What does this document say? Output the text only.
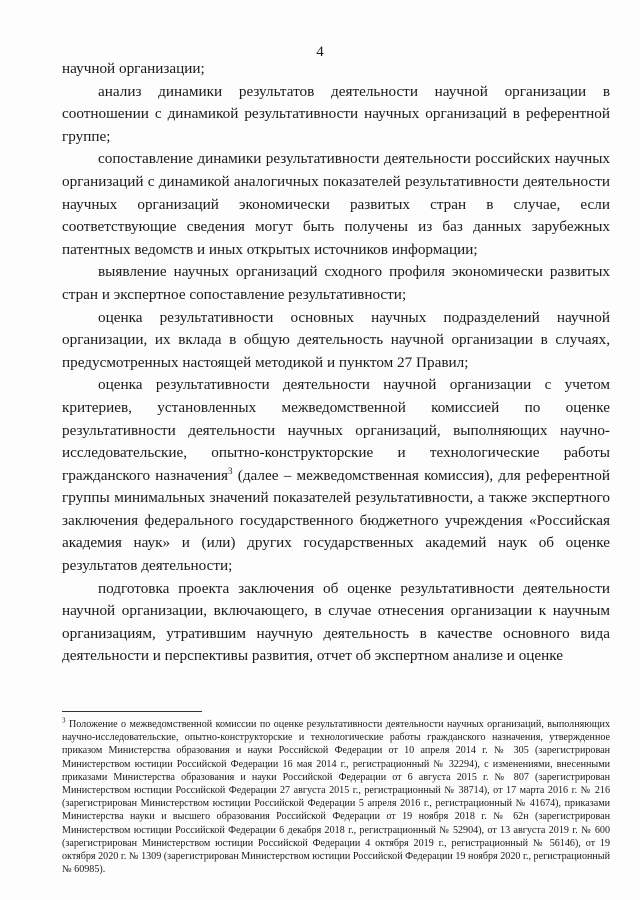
4

научной организации;

анализ динамики результатов деятельности научной организации в соотношении с динамикой результативности научных организаций в референтной группе;

сопоставление динамики результативности деятельности российских научных организаций с динамикой аналогичных показателей результативности деятельности научных организаций экономически развитых стран в случае, если соответствующие сведения могут быть получены из баз данных зарубежных патентных ведомств и иных открытых источников информации;

выявление научных организаций сходного профиля экономически развитых стран и экспертное сопоставление результативности;

оценка результативности основных научных подразделений научной организации, их вклада в общую деятельность научной организации в случаях, предусмотренных настоящей методикой и пунктом 27 Правил;

оценка результативности деятельности научной организации с учетом критериев, установленных межведомственной комиссией по оценке результативности деятельности научных организаций, выполняющих научно-исследовательские, опытно-конструкторские и технологические работы гражданского назначения$^3$ (далее – межведомственная комиссия), для референтной группы минимальных значений показателей результативности, а также экспертного заключения федерального государственного бюджетного учреждения «Российская академия наук» и (или) других государственных академий наук об оценке результатов деятельности;

подготовка проекта заключения об оценке результативности деятельности научной организации, включающего, в случае отнесения организации к научным организациям, утратившим научную деятельность в качестве основного вида деятельности и перспективы развития, отчет об экспертном анализе и оценке

$^3$ Положение о межведомственной комиссии по оценке результативности деятельности научных организаций, выполняющих научно-исследовательские, опытно-конструкторские и технологические работы гражданского назначения, утвержденное приказом Министерства образования и науки Российской Федерации от 10 апреля 2014 г. № 305 (зарегистрирован Министерством юстиции Российской Федерации 16 мая 2014 г., регистрационный № 32294), с изменениями, внесенными приказами Министерства образования и науки Российской Федерации от 6 августа 2015 г. № 807 (зарегистрирован Министерством юстиции Российской Федерации 27 августа 2015 г., регистрационный № 38714), от 17 марта 2016 г. № 216 (зарегистрирован Министерством юстиции Российской Федерации 5 апреля 2016 г., регистрационный № 41674), приказами Министерства науки и высшего образования Российской Федерации от 19 ноября 2018 г. № 62н (зарегистрирован Министерством юстиции Российской Федерации 6 декабря 2018 г., регистрационный № 52904), от 13 августа 2019 г. № 600 (зарегистрирован Министерством юстиции Российской Федерации 4 октября 2019 г., регистрационный № 56146), от 19 октября 2020 г. № 1309 (зарегистрирован Министерством юстиции Российской Федерации 19 ноября 2020 г., регистрационный № 60985).
